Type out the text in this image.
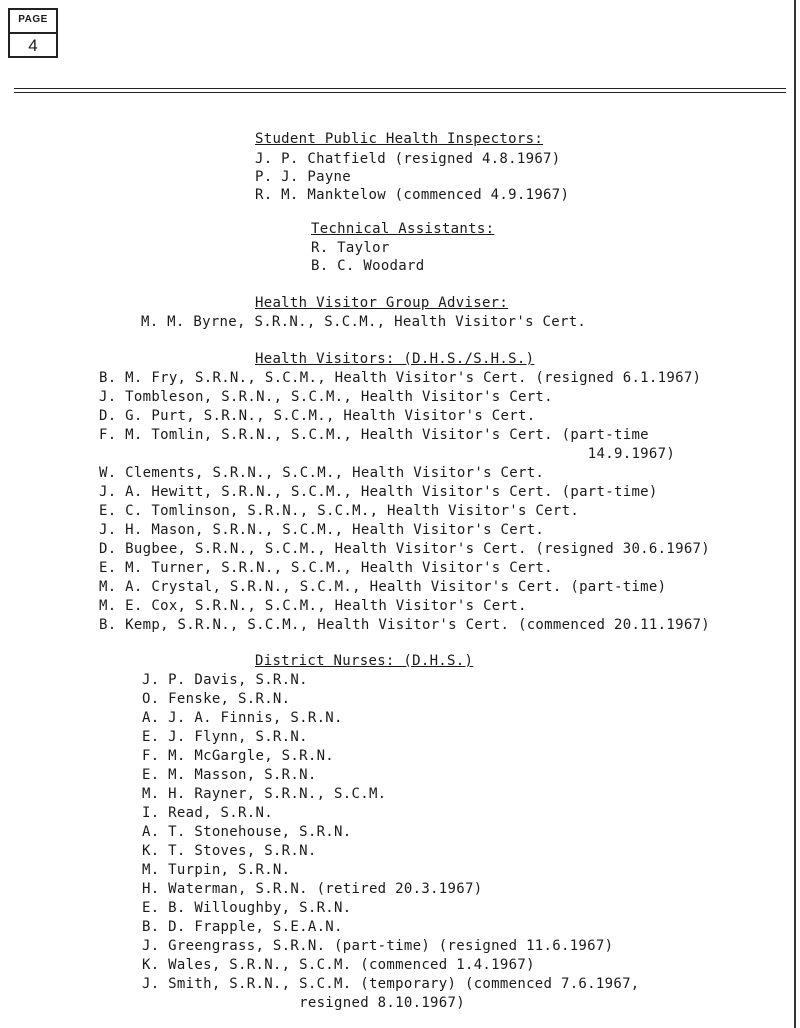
PAGE
4
Student Public Health Inspectors:
J. P. Chatfield (resigned 4.8.1967)
P. J. Payne
R. M. Manktelow (commenced 4.9.1967)
Technical Assistants:
R. Taylor
B. C. Woodard
Health Visitor Group Adviser:
M. M. Byrne, S.R.N., S.C.M., Health Visitor's Cert.
Health Visitors: (D.H.S./S.H.S.)
B. M. Fry, S.R.N., S.C.M., Health Visitor's Cert. (resigned 6.1.1967)
J. Tombleson, S.R.N., S.C.M., Health Visitor's Cert.
D. G. Purt, S.R.N., S.C.M., Health Visitor's Cert.
F. M. Tomlin, S.R.N., S.C.M., Health Visitor's Cert. (part-time
14.9.1967)
W. Clements, S.R.N., S.C.M., Health Visitor's Cert.
J. A. Hewitt, S.R.N., S.C.M., Health Visitor's Cert. (part-time)
E. C. Tomlinson, S.R.N., S.C.M., Health Visitor's Cert.
J. H. Mason, S.R.N., S.C.M., Health Visitor's Cert.
D. Bugbee, S.R.N., S.C.M., Health Visitor's Cert. (resigned 30.6.1967)
E. M. Turner, S.R.N., S.C.M., Health Visitor's Cert.
M. A. Crystal, S.R.N., S.C.M., Health Visitor's Cert. (part-time)
M. E. Cox, S.R.N., S.C.M., Health Visitor's Cert.
B. Kemp, S.R.N., S.C.M., Health Visitor's Cert. (commenced 20.11.1967)
District Nurses: (D.H.S.)
J. P. Davis, S.R.N.
O. Fenske, S.R.N.
A. J. A. Finnis, S.R.N.
E. J. Flynn, S.R.N.
F. M. McGargle, S.R.N.
E. M. Masson, S.R.N.
M. H. Rayner, S.R.N., S.C.M.
I. Read, S.R.N.
A. T. Stonehouse, S.R.N.
K. T. Stoves, S.R.N.
M. Turpin, S.R.N.
H. Waterman, S.R.N. (retired 20.3.1967)
E. B. Willoughby, S.R.N.
B. D. Frapple, S.E.A.N.
J. Greengrass, S.R.N. (part-time) (resigned 11.6.1967)
K. Wales, S.R.N., S.C.M. (commenced 1.4.1967)
J. Smith, S.R.N., S.C.M. (temporary) (commenced 7.6.1967,
resigned 8.10.1967)
